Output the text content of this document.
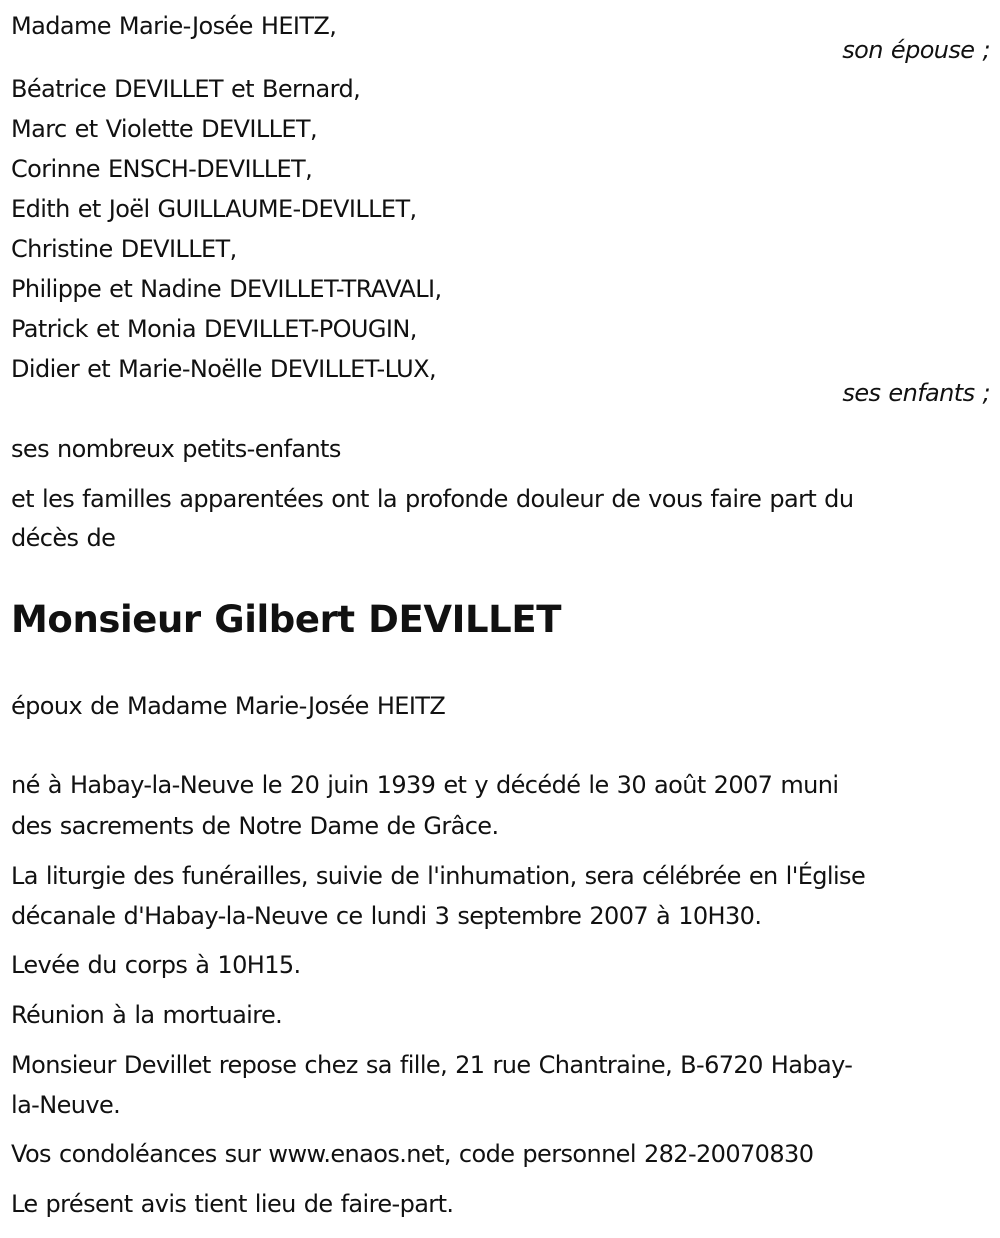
Madame Marie-Josée HEITZ,
son épouse ;
Béatrice DEVILLET et Bernard,
Marc et Violette DEVILLET,
Corinne ENSCH-DEVILLET,
Edith et Joël GUILLAUME-DEVILLET,
Christine DEVILLET,
Philippe et Nadine DEVILLET-TRAVALI,
Patrick et Monia DEVILLET-POUGIN,
Didier et Marie-Noëlle DEVILLET-LUX,
ses enfants ;
ses nombreux petits-enfants
et les familles apparentées ont la profonde douleur de vous faire part du
décès de
Monsieur Gilbert DEVILLET
époux de Madame Marie-Josée HEITZ
né à Habay-la-Neuve le 20 juin 1939 et y décédé le 30 août 2007 muni
des sacrements de Notre Dame de Grâce.
La liturgie des funérailles, suivie de l'inhumation, sera célébrée en l'Église
décanale d'Habay-la-Neuve ce lundi 3 septembre 2007 à 10H30.
Levée du corps à 10H15.
Réunion à la mortuaire.
Monsieur Devillet repose chez sa fille, 21 rue Chantraine, B-6720 Habay-
la-Neuve.
Vos condoléances sur www.enaos.net, code personnel 282-20070830
Le présent avis tient lieu de faire-part.
